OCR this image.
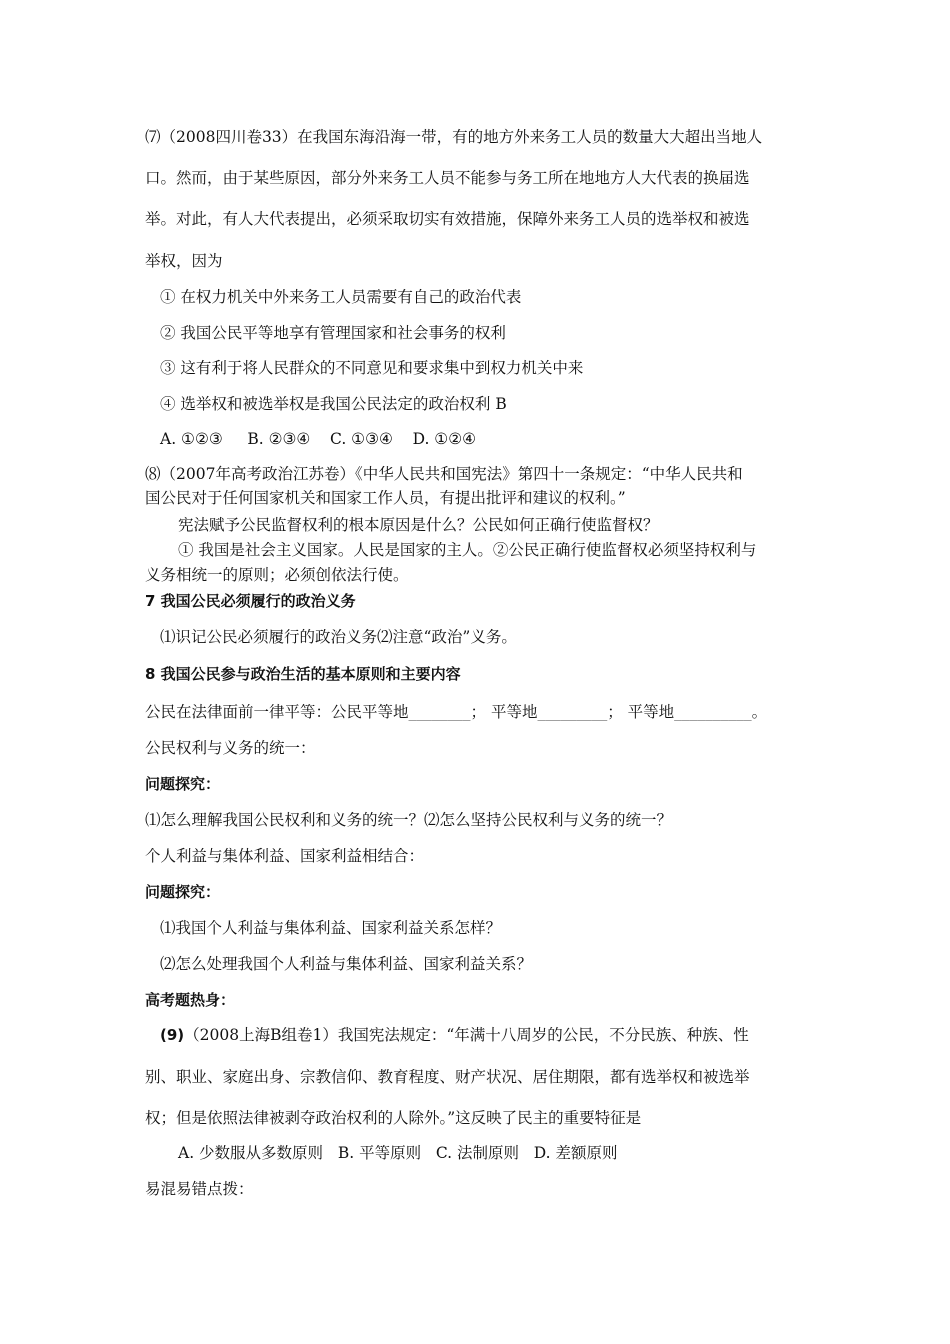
⑺（2008四川卷33）在我国东海沿海一带，有的地方外来务工人员的数量大大超出当地人
口。然而，由于某些原因，部分外来务工人员不能参与务工所在地地方人大代表的换届选
举。对此，有人大代表提出，必须采取切实有效措施，保障外来务工人员的选举权和被选
举权，因为
① 在权力机关中外来务工人员需要有自己的政治代表
② 我国公民平等地享有管理国家和社会事务的权利
③ 这有利于将人民群众的不同意见和要求集中到权力机关中来
④ 选举权和被选举权是我国公民法定的政治权利 B
A. ①②③     B. ②③④    C. ①③④    D. ①②④
⑻（2007年高考政治江苏卷）《中华人民共和国宪法》第四十一条规定：“中华人民共和
国公民对于任何国家机关和国家工作人员，有提出批评和建议的权利。”
宪法赋予公民监督权利的根本原因是什么？公民如何正确行使监督权？
① 我国是社会主义国家。人民是国家的主人。②公民正确行使监督权必须坚持权利与
义务相统一的原则；必须创依法行使。
7 我国公民必须履行的政治义务
⑴识记公民必须履行的政治义务⑵注意“政治”义务。
8 我国公民参与政治生活的基本原则和主要内容
公民在法律面前一律平等：公民平等地________； 平等地_________； 平等地__________。
公民权利与义务的统一：
问题探究：
⑴怎么理解我国公民权利和义务的统一？⑵怎么坚持公民权利与义务的统一？
个人利益与集体利益、国家利益相结合：
问题探究：
⑴我国个人利益与集体利益、国家利益关系怎样？
⑵怎么处理我国个人利益与集体利益、国家利益关系？
高考题热身：
(9)（2008上海B组卷1）我国宪法规定：“年满十八周岁的公民，不分民族、种族、性
别、职业、家庭出身、宗教信仰、教育程度、财产状况、居住期限，都有选举权和被选举
权；但是依照法律被剥夺政治权利的人除外。”这反映了民主的重要特征是
A. 少数服从多数原则   B. 平等原则   C. 法制原则   D. 差额原则
易混易错点拨：
